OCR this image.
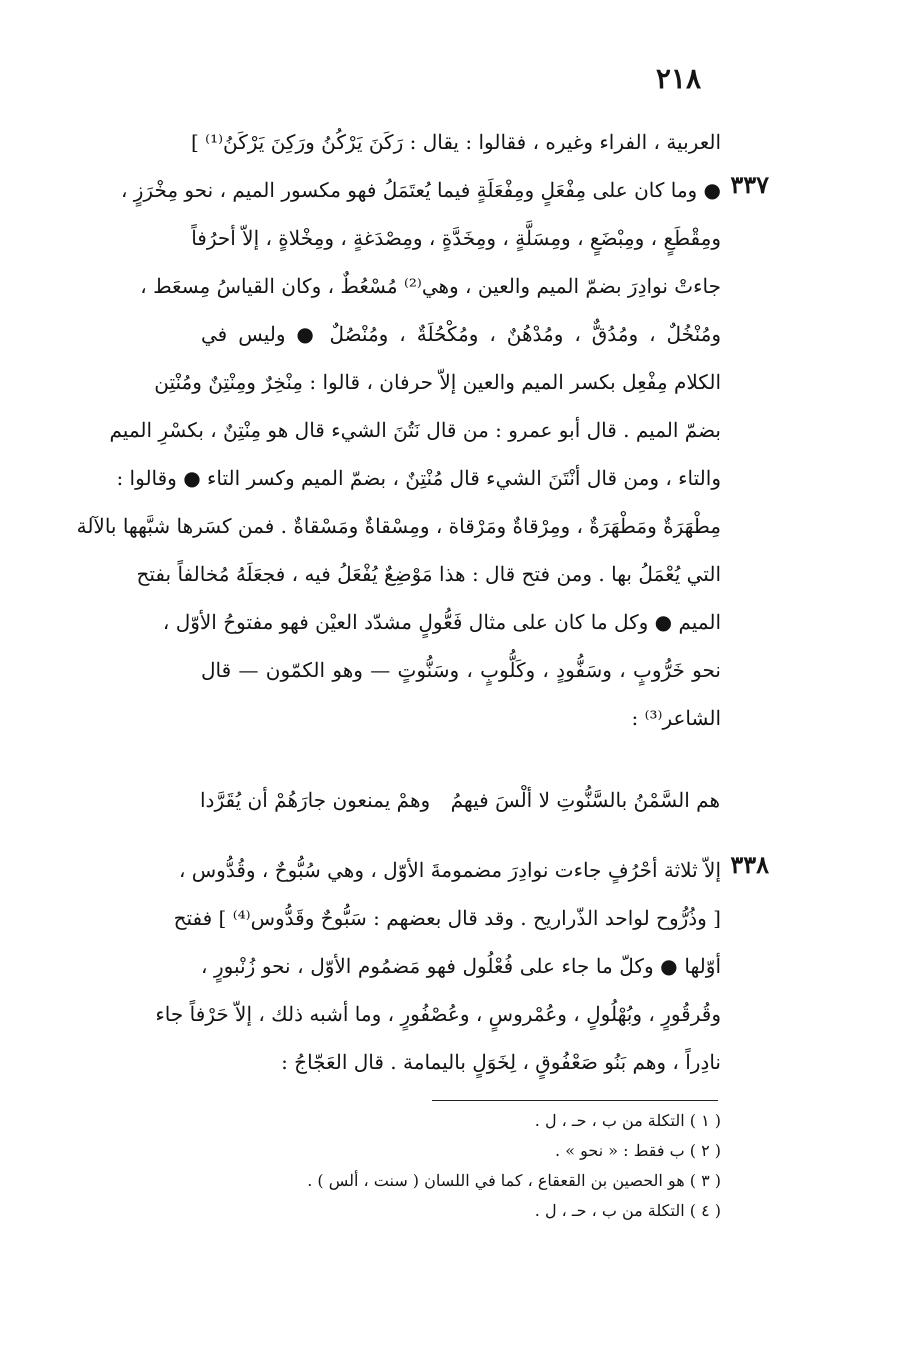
٢١٨
العربية ، الفراء وغيره ، فقالوا : يقال : رَكَنَ يَرْكُنُ ورَكِنَ يَرْكَنُ⁽¹⁾ ]
٣٣٧
● وما كان على مِفْعَلٍ ومِفْعَلَةٍ فيما يُعتَمَلُ فهو مكسور الميم ، نحو مِخْرَزٍ ،
ومِقْطَعٍ ، ومِبْضَعٍ ، ومِسَلَّةٍ ، ومِخَدَّةٍ ، ومِصْدَغةٍ ، ومِخْلاةٍ ، إلاّ أحرُفاً
جاءتْ نوادِرَ بضمّ الميم والعين ، وهي⁽²⁾ مُسْعُطٌ ، وكان القياسُ مِسعَط ،
ومُنْخُلٌ ، ومُدُقٌّ ، ومُدْهُنٌ ، ومُكْحُلَةٌ ، ومُنْصُلٌ ● وليس في
الكلام مِفْعِل بكسر الميم والعين إلاّ حرفان ، قالوا : مِنْخِرٌ ومِنْتِنٌ ومُنْتِن
بضمّ الميم . قال أبو عمرو : من قال نَتُنَ الشيء قال هو مِنْتِنٌ ، بكسْرِ الميم
والتاء ، ومن قال أنْتَنَ الشيء قال مُنْتِنٌ ، بضمّ الميم وكسر التاء ● وقالوا :
مِطْهَرَةٌ ومَطْهَرَةٌ ، ومِرْقاةٌ ومَرْقاة ، ومِسْقاةٌ ومَسْقاةٌ . فمن كسَرها شبَّهها بالآلة
التي يُعْمَلُ بها . ومن فتح قال : هذا مَوْضِعٌ يُفْعَلُ فيه ، فجعَلَهُ مُخالفاً بفتح
الميم ● وكل ما كان على مثال فَعُّولٍ مشدّد العيْن فهو مفتوحُ الأوّل ،
نحو خَرُّوبٍ ، وسَفُّودٍ ، وكَلُّوبٍ ، وسَنُّوتٍ — وهو الكمّون — قال
الشاعر⁽³⁾ :
هم السَّمْنُ بالسَّنُّوتِ لا ألْسَ فيهمُ
وهمْ يمنعون جارَهُمْ أن يُقَرَّدا
٣٣٨
إلاّ ثلاثة أحْرُفٍ جاءت نوادِرَ مضمومةَ الأوّل ، وهي سُبُّوحٌ ، وقُدُّوس ،
[ وذُرُّوح لواحد الذّراريح . وقد قال بعضهم : سَبُّوحٌ وقَدُّوس⁽⁴⁾ ] ففتح
أوّلها ● وكلّ ما جاء على فُعْلُول فهو مَضمُوم الأوّل ، نحو زُنْبورٍ ،
وقُرقُورٍ ، وبُهْلُولٍ ، وعُمْروسٍ ، وعُصْفُورٍ ، وما أشبه ذلك ، إلاّ حَرْفاً جاء
نادِراً ، وهم بَنُو صَعْفُوقٍ ، لِخَوَلٍ باليمامة . قال العَجّاجُ :
( ١ ) التكلة من ب ، حـ ، ل .
( ٢ ) ب فقط : « نحو » .
( ٣ ) هو الحصين بن القعقاع ، كما في اللسان ( سنت ، ألس ) .
( ٤ ) التكلة من ب ، حـ ، ل .
